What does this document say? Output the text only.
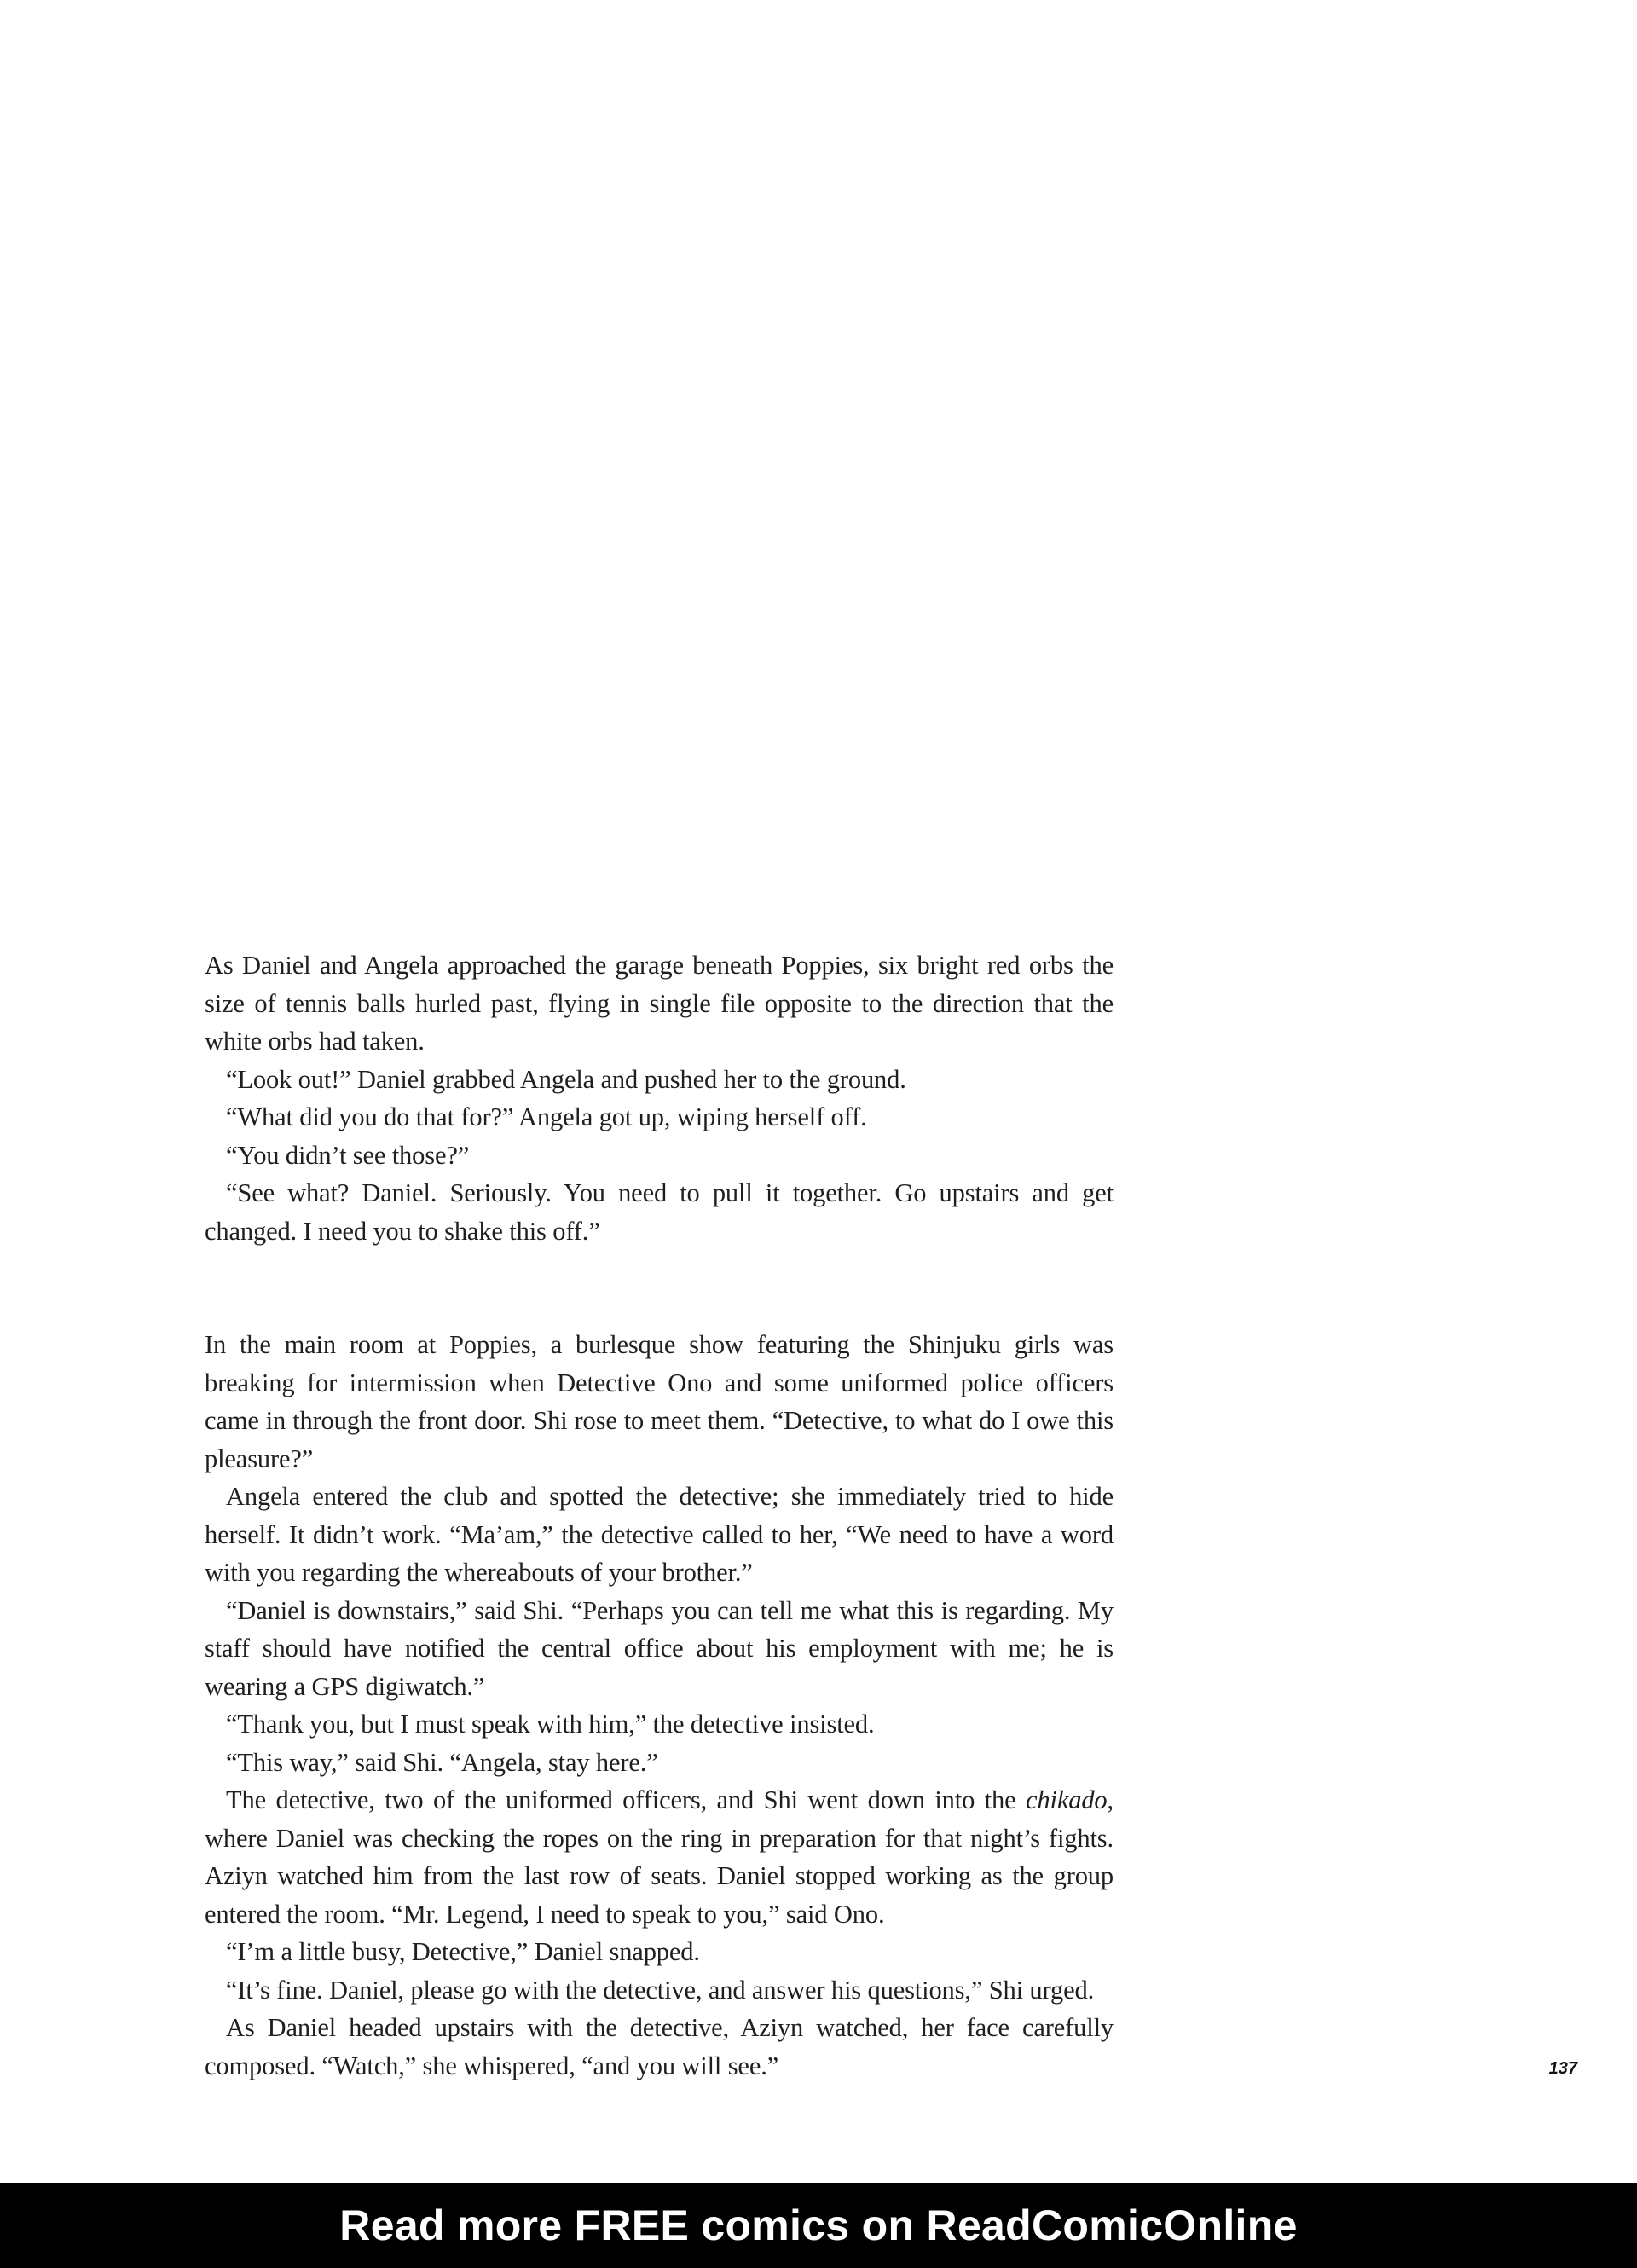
As Daniel and Angela approached the garage beneath Poppies, six bright red orbs the size of tennis balls hurled past, flying in single file opposite to the direction that the white orbs had taken.

“Look out!” Daniel grabbed Angela and pushed her to the ground.

“What did you do that for?” Angela got up, wiping herself off.

“You didn’t see those?”

“See what? Daniel. Seriously. You need to pull it together. Go upstairs and get changed. I need you to shake this off.”

In the main room at Poppies, a burlesque show featuring the Shinjuku girls was breaking for intermission when Detective Ono and some uniformed police officers came in through the front door. Shi rose to meet them. “Detective, to what do I owe this pleasure?”

Angela entered the club and spotted the detective; she immediately tried to hide herself. It didn’t work. “Ma’am,” the detective called to her, “We need to have a word with you regarding the whereabouts of your brother.”

“Daniel is downstairs,” said Shi. “Perhaps you can tell me what this is regarding. My staff should have notified the central office about his employment with me; he is wearing a GPS digiwatch.”

“Thank you, but I must speak with him,” the detective insisted.

“This way,” said Shi. “Angela, stay here.”

The detective, two of the uniformed officers, and Shi went down into the chikado, where Daniel was checking the ropes on the ring in preparation for that night’s fights. Aziyn watched him from the last row of seats. Daniel stopped working as the group entered the room. “Mr. Legend, I need to speak to you,” said Ono.

“I’m a little busy, Detective,” Daniel snapped.

“It’s fine. Daniel, please go with the detective, and answer his questions,” Shi urged.

As Daniel headed upstairs with the detective, Aziyn watched, her face carefully composed. “Watch,” she whispered, “and you will see.”	137
Read more FREE comics on ReadComicOnline
